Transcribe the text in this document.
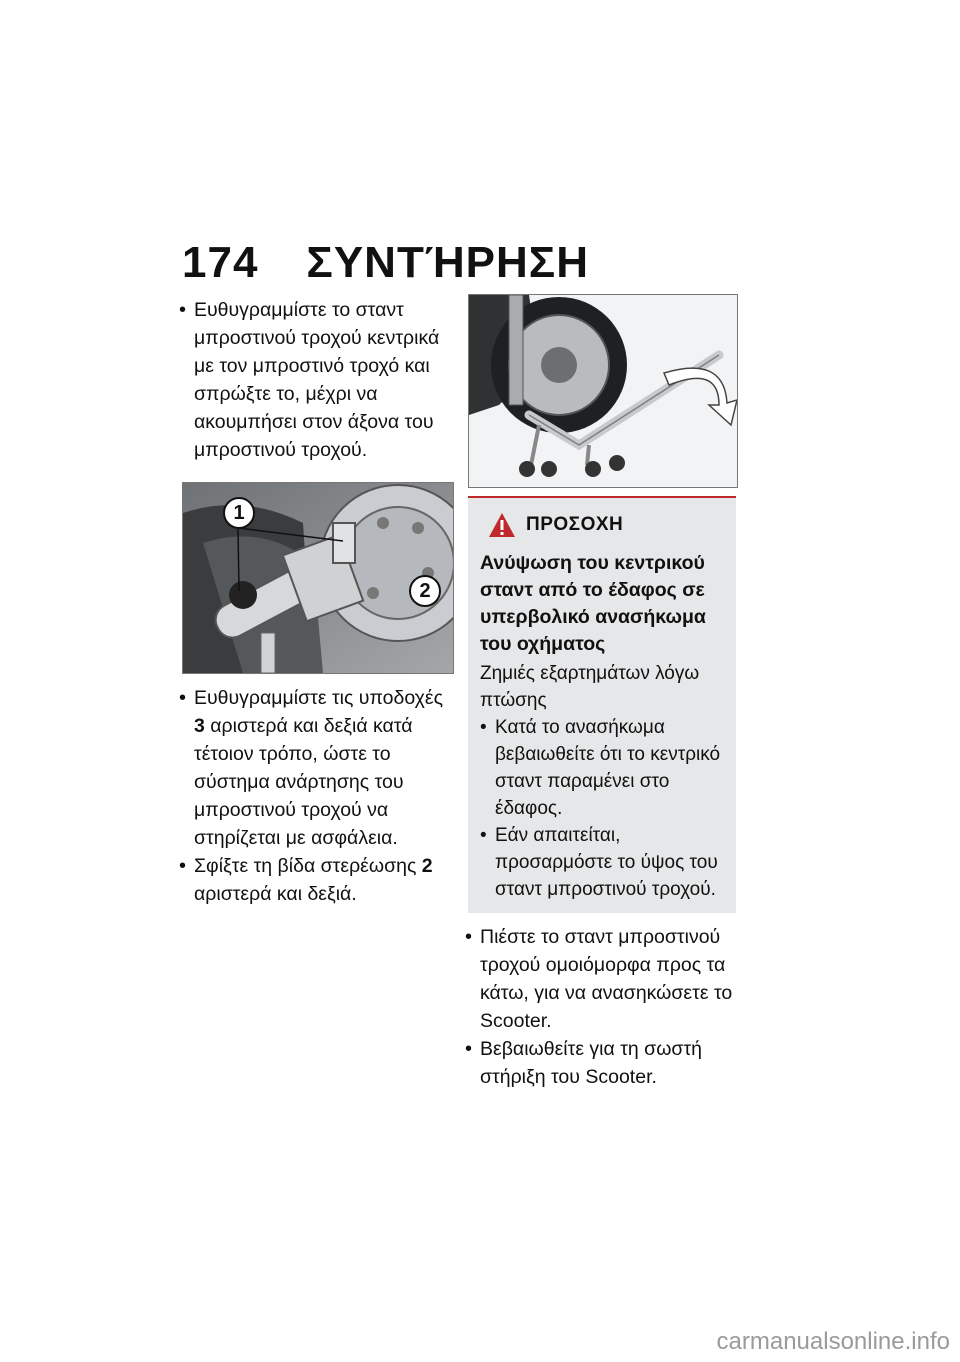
174 ΣΥΝΤΉΡΗΣΗ

• Ευθυγραμμίστε το σταντ μπροστινού τροχού κεντρικά με τον μπροστινό τροχό και σπρώξτε το, μέχρι να ακουμπήσει στον άξονα του μπροστινού τροχού.

1
2

• Ευθυγραμμίστε τις υποδοχές 3 αριστερά και δεξιά κατά τέτοιον τρόπο, ώστε το σύστημα ανάρτησης του μπροστινού τροχού να στηρίζεται με ασφάλεια.

• Σφίξτε τη βίδα στερέωσης 2 αριστερά και δεξιά.

ΠΡΟΣΟΧΗ

Ανύψωση του κεντρικού σταντ από το έδαφος σε υπερβολικό ανασήκωμα του οχήματος

Ζημιές εξαρτημάτων λόγω πτώσης

• Κατά το ανασήκωμα βεβαιωθείτε ότι το κεντρικό σταντ παραμένει στο έδαφος.

• Εάν απαιτείται, προσαρμόστε το ύψος του σταντ μπροστινού τροχού.

• Πιέστε το σταντ μπροστινού τροχού ομοιόμορφα προς τα κάτω, για να ανασηκώσετε το Scooter.

• Βεβαιωθείτε για τη σωστή στήριξη του Scooter.

carmanualsonline.info
